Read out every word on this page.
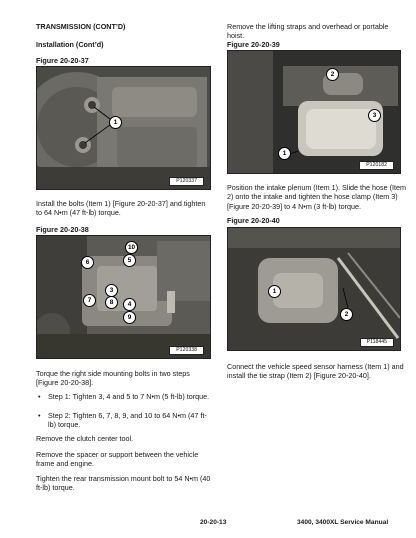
TRANSMISSION (CONT’D)

Installation (Cont’d)

Figure 20-20-37

1
P120337

Install the bolts (Item 1) [Figure 20-20-37] and tighten to 64 N•m (47 ft-lb) torque.

Figure 20-20-38

10
6	5
3
7	8	4
9
P120338

Torque the right side mounting bolts in two steps [Figure 20-20-38].

• Step 1: Tighten 3, 4 and 5 to 7 N•m (5 ft-lb) torque.

• Step 2: Tighten 6, 7, 8, 9, and 10 to 64 N•m (47 ft-lb) torque.

Remove the clutch center tool.

Remove the spacer or support between the vehicle frame and engine.

Tighten the rear transmission mount bolt to 54 N•m (40 ft-lb) torque.

Remove the lifting straps and overhead or portable hoist.

Figure 20-20-39

2
3
1
P120182

Position the intake plenum (Item 1). Slide the hose (Item 2) onto the intake and tighten the hose clamp (Item 3) [Figure 20-20-39] to 4 N•m (3 ft-lb) torque.

Figure 20-20-40

1
2
P118445

Connect the vehicle speed sensor harness (Item 1) and install the tie strap (Item 2) [Figure 20-20-40].

20-20-13	3400, 3400XL Service Manual
